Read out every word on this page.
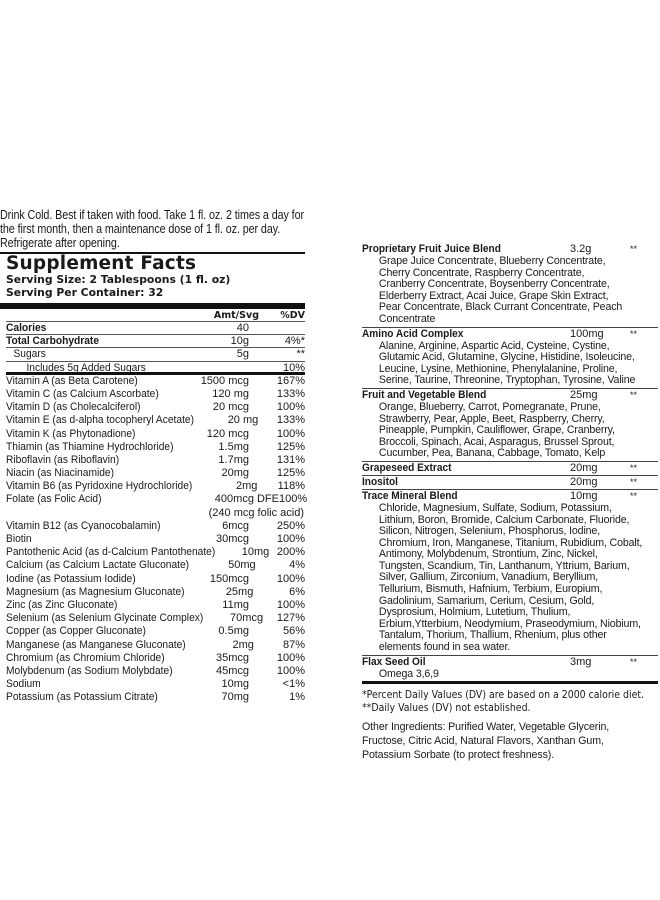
Drink Cold. Best if taken with food. Take 1 fl. oz. 2 times a day for
the first month, then a maintenance dose of 1 fl. oz. per day.
Refrigerate after opening.
Supplement Facts
Serving Size: 2 Tablespoons (1 fl. oz)
Serving Per Container: 32
Amt/Svg	%DV
Calories	40
Total Carbohydrate	10g	4%*
Sugars	5g	**
Includes 5g Added Sugars	10%
Vitamin A (as Beta Carotene)	1500 mcg	167%
Vitamin C (as Calcium Ascorbate)	120 mg	133%
Vitamin D (as Cholecalciferol)	20 mcg	100%
Vitamin E (as d-alpha tocopheryl Acetate)	20 mg	133%
Vitamin K (as Phytonadione)	120 mcg	100%
Thiamin (as Thiamine Hydrochloride)	1.5mg	125%
Riboflavin (as Riboflavin)	1.7mg	131%
Niacin (as Niacinamide)	20mg	125%
Vitamin B6 (as Pyridoxine Hydrochloride)	2mg	118%
Folate (as Folic Acid)	400mcg DFE 100%
(240 mcg folic acid)
Vitamin B12 (as Cyanocobalamin)	6mcg	250%
Biotin	30mcg	100%
Pantothenic Acid (as d-Calcium Pantothenate)	10mg 200%
Calcium (as Calcium Lactate Gluconate)	50mg	4%
Iodine (as Potassium Iodide)	150mcg	100%
Magnesium (as Magnesium Gluconate)	25mg	6%
Zinc (as Zinc Gluconate)	11mg	100%
Selenium (as Selenium Glycinate Complex)	70mcg	127%
Copper (as Copper Gluconate)	0.5mg	56%
Manganese (as Manganese Gluconate)	2mg	87%
Chromium (as Chromium Chloride)	35mcg	100%
Molybdenum (as Sodium Molybdate)	45mcg	100%
Sodium	10mg	<1%
Potassium (as Potassium Citrate)	70mg	1%
Proprietary Fruit Juice Blend	3.2g	**
Grape Juice Concentrate, Blueberry Concentrate, Cherry Concentrate, Raspberry Concentrate, Cranberry Concentrate, Boysenberry Concentrate, Elderberry Extract, Acai Juice, Grape Skin Extract, Pear Concentrate, Black Currant Concentrate, Peach Concentrate
Amino Acid Complex	100mg	**
Alanine, Arginine, Aspartic Acid, Cysteine, Cystine, Glutamic Acid, Glutamine, Glycine, Histidine, Isoleucine, Leucine, Lysine, Methionine, Phenylalanine, Proline, Serine, Taurine, Threonine, Tryptophan, Tyrosine, Valine
Fruit and Vegetable Blend	25mg	**
Orange, Blueberry, Carrot, Pomegranate, Prune, Strawberry, Pear, Apple, Beet, Raspberry, Cherry, Pineapple, Pumpkin, Cauliflower, Grape, Cranberry, Broccoli, Spinach, Acai, Asparagus, Brussel Sprout, Cucumber, Pea, Banana, Cabbage, Tomato, Kelp
Grapeseed Extract	20mg	**
Inositol	20mg	**
Trace Mineral Blend	10mg	**
Chloride, Magnesium, Sulfate, Sodium, Potassium, Lithium, Boron, Bromide, Calcium Carbonate, Fluoride, Silicon, Nitrogen, Selenium, Phosphorus, Iodine, Chromium, Iron, Manganese, Titanium, Rubidium, Cobalt, Antimony, Molybdenum, Strontium, Zinc, Nickel, Tungsten, Scandium, Tin, Lanthanum, Yttrium, Barium, Silver, Gallium, Zirconium, Vanadium, Beryllium, Tellurium, Bismuth, Hafnium, Terbium, Europium, Gadolinium, Samarium, Cerium, Cesium, Gold, Dysprosium, Holmium, Lutetium, Thulium, Erbium,Ytterbium, Neodymium, Praseodymium, Niobium, Tantalum, Thorium, Thallium, Rhenium, plus other elements found in sea water.
Flax Seed Oil	3mg	**
Omega 3,6,9
*Percent Daily Values (DV) are based on a 2000 calorie diet.
**Daily Values (DV) not established.
Other Ingredients: Purified Water, Vegetable Glycerin, Fructose, Citric Acid, Natural Flavors, Xanthan Gum, Potassium Sorbate (to protect freshness).
